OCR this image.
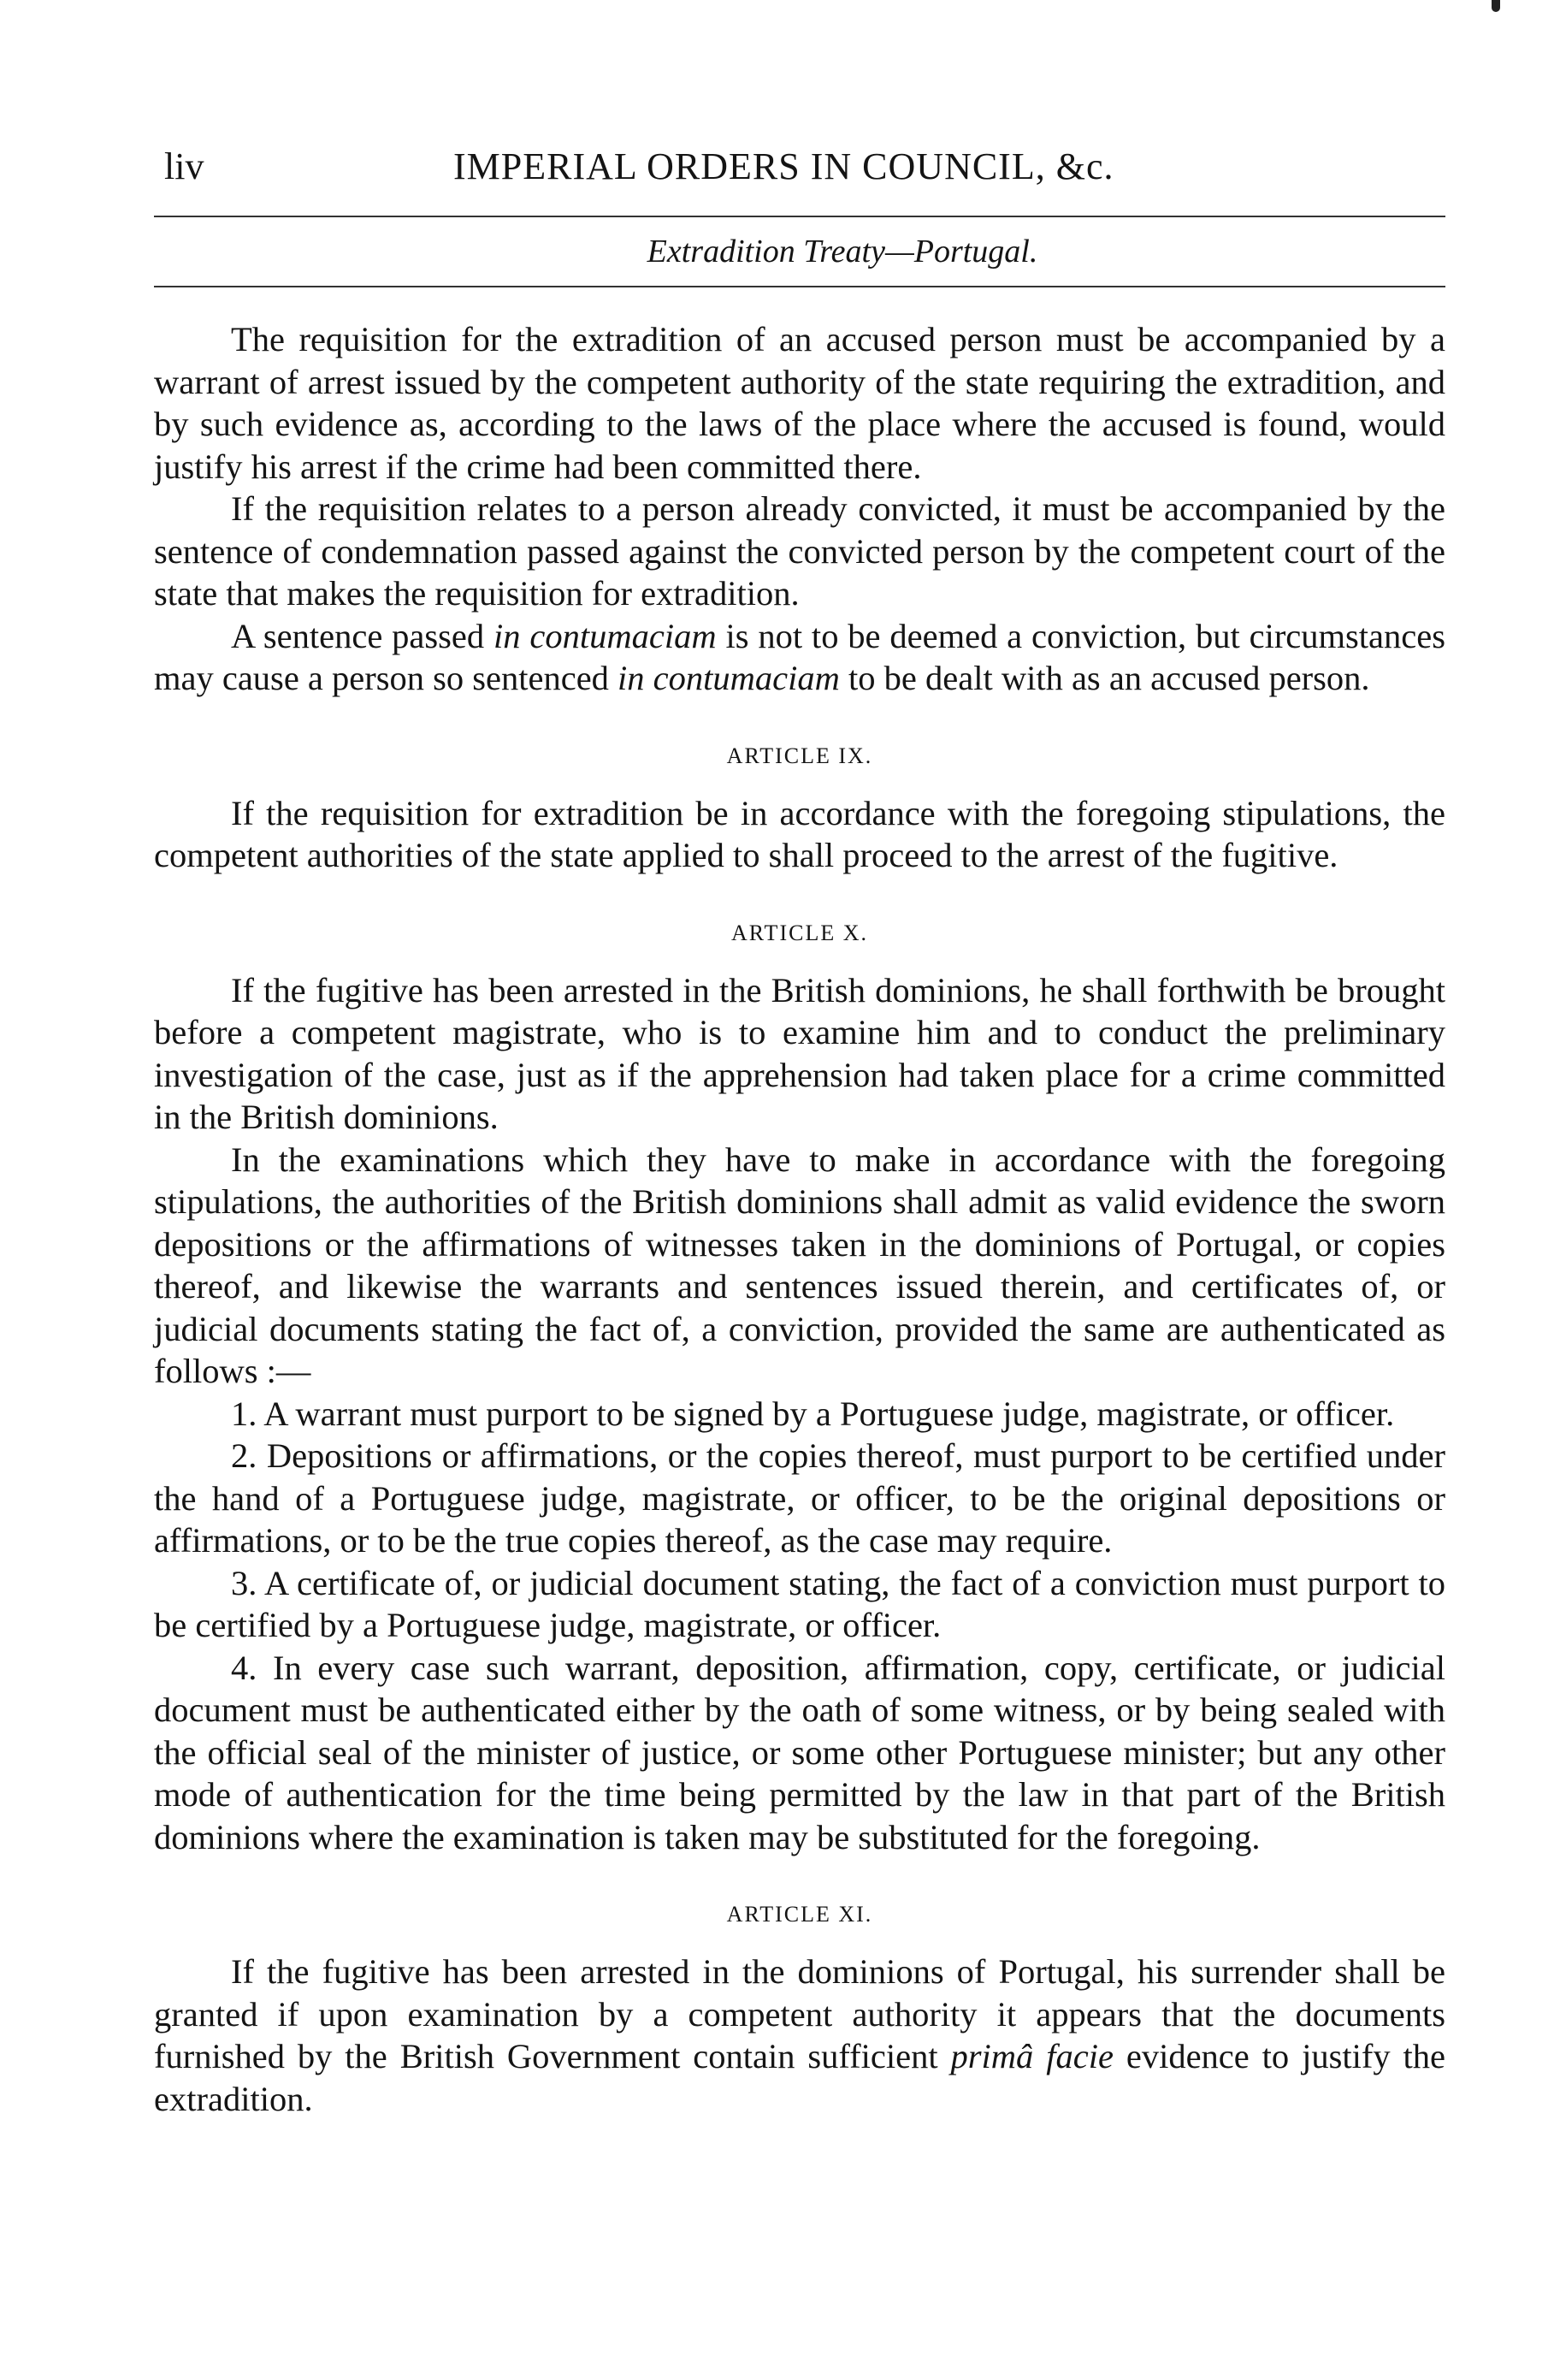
liv	IMPERIAL ORDERS IN COUNCIL, &c.
Extradition Treaty—Portugal.

The requisition for the extradition of an accused person must be accompanied by a warrant of arrest issued by the competent authority of the state requiring the extradition, and by such evidence as, according to the laws of the place where the accused is found, would justify his arrest if the crime had been committed there.

If the requisition relates to a person already convicted, it must be accompanied by the sentence of condemnation passed against the convicted person by the competent court of the state that makes the requisition for extradition.

A sentence passed in contumaciam is not to be deemed a conviction, but circumstances may cause a person so sentenced in contumaciam to be dealt with as an accused person.

ARTICLE IX.

If the requisition for extradition be in accordance with the foregoing stipulations, the competent authorities of the state applied to shall proceed to the arrest of the fugitive.

ARTICLE X.

If the fugitive has been arrested in the British dominions, he shall forthwith be brought before a competent magistrate, who is to examine him and to conduct the preliminary investigation of the case, just as if the apprehension had taken place for a crime committed in the British dominions.

In the examinations which they have to make in accordance with the foregoing stipulations, the authorities of the British dominions shall admit as valid evidence the sworn depositions or the affirmations of witnesses taken in the dominions of Portugal, or copies thereof, and likewise the warrants and sentences issued therein, and certificates of, or judicial documents stating the fact of, a conviction, provided the same are authenticated as follows :—

1. A warrant must purport to be signed by a Portuguese judge, magistrate, or officer.

2. Depositions or affirmations, or the copies thereof, must purport to be certified under the hand of a Portuguese judge, magistrate, or officer, to be the original depositions or affirmations, or to be the true copies thereof, as the case may require.

3. A certificate of, or judicial document stating, the fact of a conviction must purport to be certified by a Portuguese judge, magistrate, or officer.

4. In every case such warrant, deposition, affirmation, copy, certificate, or judicial document must be authenticated either by the oath of some witness, or by being sealed with the official seal of the minister of justice, or some other Portuguese minister; but any other mode of authentication for the time being permitted by the law in that part of the British dominions where the examination is taken may be substituted for the foregoing.

ARTICLE XI.

If the fugitive has been arrested in the dominions of Portugal, his surrender shall be granted if upon examination by a competent authority it appears that the documents furnished by the British Government contain sufficient primâ facie evidence to justify the extradition.
